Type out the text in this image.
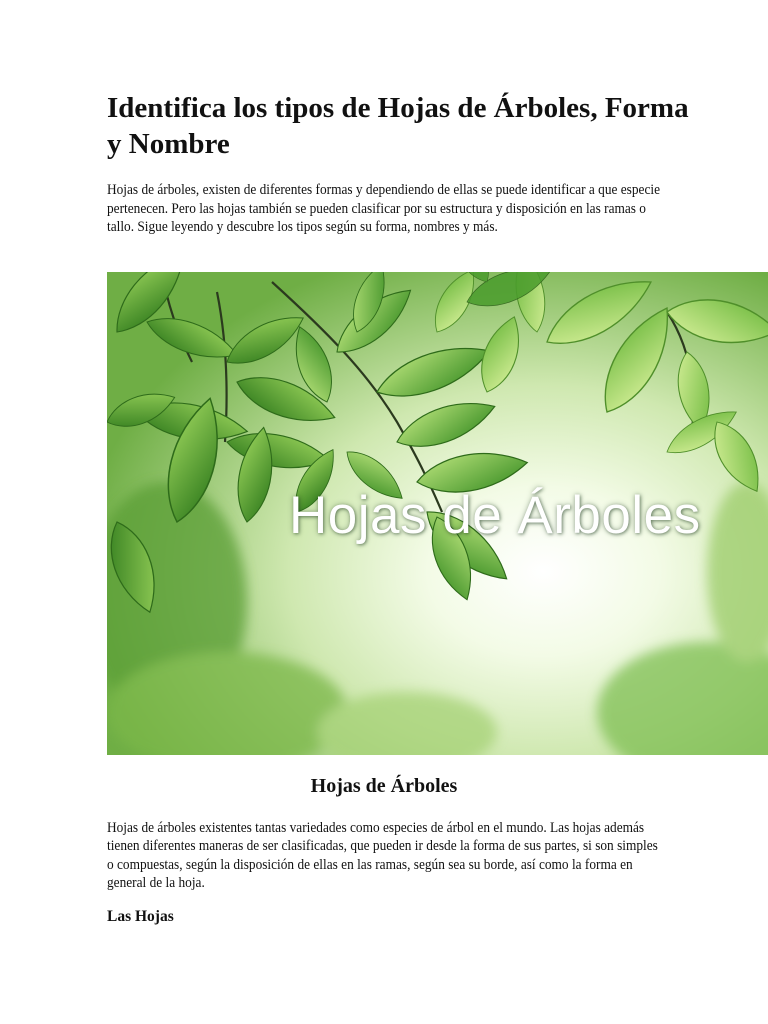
Identifica los tipos de Hojas de Árboles, Forma y Nombre

Hojas de árboles, existen de diferentes formas y dependiendo de ellas se puede identificar a que especie pertenecen. Pero las hojas también se pueden clasificar por su estructura y disposición en las ramas o tallo. Sigue leyendo y descubre los tipos según su forma, nombres y más.

Hojas de Árboles
Hojas de Árboles

Hojas de árboles existentes tantas variedades como especies de árbol en el mundo. Las hojas además tienen diferentes maneras de ser clasificadas, que pueden ir desde la forma de sus partes, si son simples o compuestas, según la disposición de ellas en las ramas, según sea su borde, así como la forma en general de la hoja.

Las Hojas
